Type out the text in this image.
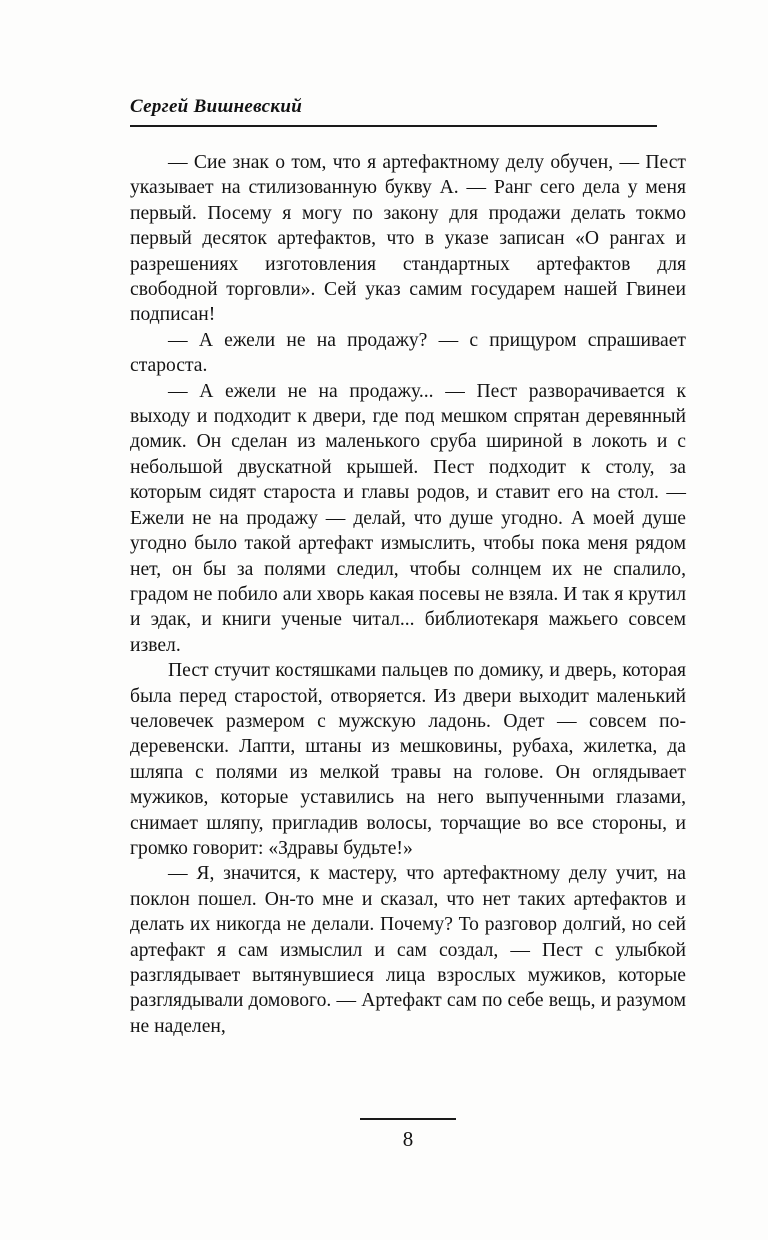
Сергей Вишневский

— Сие знак о том, что я артефактному делу обучен, — Пест указывает на стилизованную букву А. — Ранг сего дела у меня первый. Посему я могу по закону для продажи делать токмо первый десяток артефактов, что в указе записан «О рангах и разрешениях изготовления стандартных артефактов для свободной торговли». Сей указ самим государем нашей Гвинеи подписан!

— А ежели не на продажу? — с прищуром спрашивает староста.

— А ежели не на продажу... — Пест разворачивается к выходу и подходит к двери, где под мешком спрятан деревянный домик. Он сделан из маленького сруба шириной в локоть и с небольшой двускатной крышей. Пест подходит к столу, за которым сидят староста и главы родов, и ставит его на стол. — Ежели не на продажу — делай, что душе угодно. А моей душе угодно было такой артефакт измыслить, чтобы пока меня рядом нет, он бы за полями следил, чтобы солнцем их не спалило, градом не побило али хворь какая посевы не взяла. И так я крутил и эдак, и книги ученые читал... библиотекаря мажьего совсем извел.

Пест стучит костяшками пальцев по домику, и дверь, которая была перед старостой, отворяется. Из двери выходит маленький человечек размером с мужскую ладонь. Одет — совсем по-деревенски. Лапти, штаны из мешковины, рубаха, жилетка, да шляпа с полями из мелкой травы на голове. Он оглядывает мужиков, которые уставились на него выпученными глазами, снимает шляпу, пригладив волосы, торчащие во все стороны, и громко говорит: «Здравы будьте!»

— Я, значится, к мастеру, что артефактному делу учит, на поклон пошел. Он-то мне и сказал, что нет таких артефактов и делать их никогда не делали. Почему? То разговор долгий, но сей артефакт я сам измыслил и сам создал, — Пест с улыбкой разглядывает вытянувшиеся лица взрослых мужиков, которые разглядывали домового. — Артефакт сам по себе вещь, и разумом не наделен,

8
